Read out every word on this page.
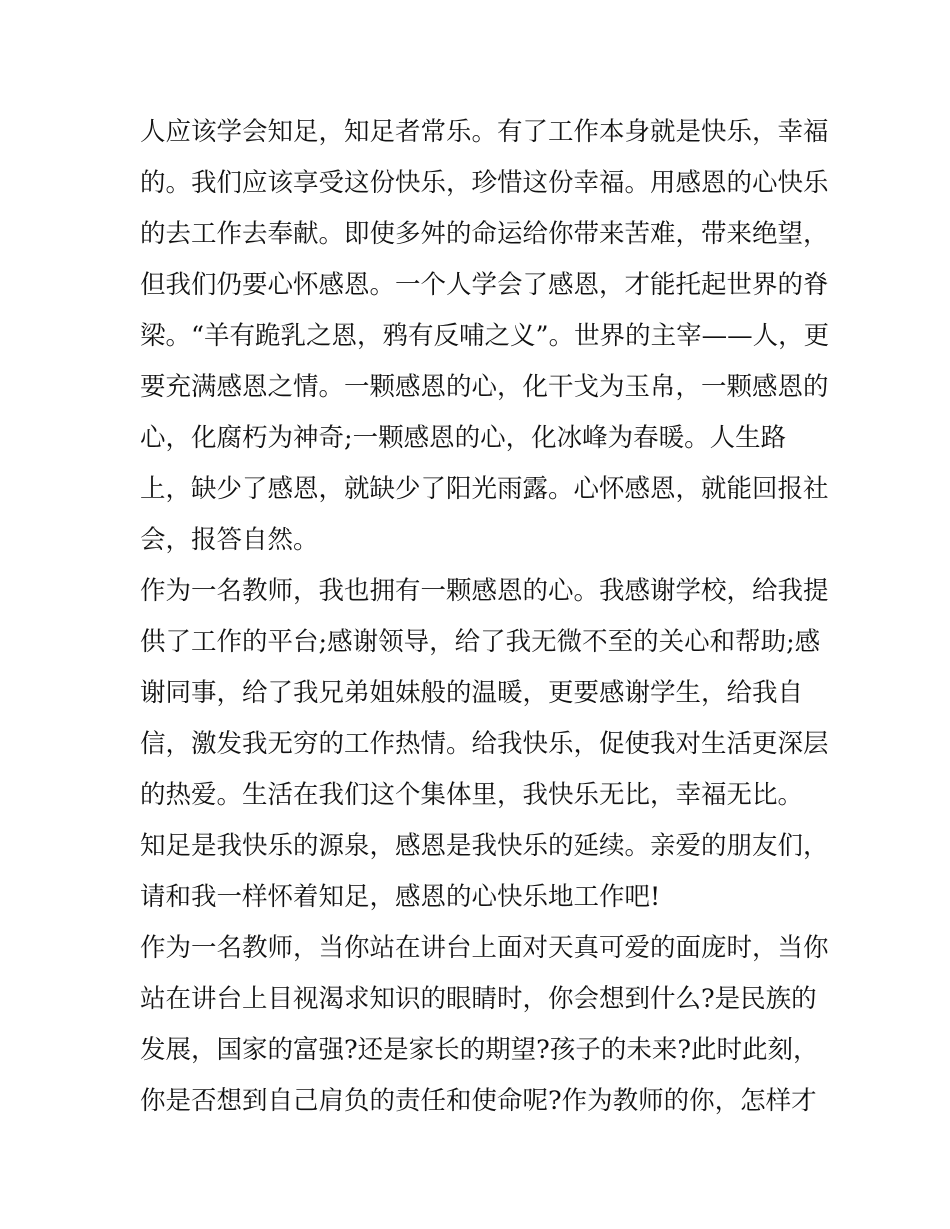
人应该学会知足，知足者常乐。有了工作本身就是快乐，幸福
的。我们应该享受这份快乐，珍惜这份幸福。用感恩的心快乐
的去工作去奉献。即使多舛的命运给你带来苦难，带来绝望，
但我们仍要心怀感恩。一个人学会了感恩，才能托起世界的脊
梁。“羊有跪乳之恩，鸦有反哺之义”。世界的主宰——人，更
要充满感恩之情。一颗感恩的心，化干戈为玉帛，一颗感恩的
心，化腐朽为神奇;一颗感恩的心，化冰峰为春暖。人生路
上，缺少了感恩，就缺少了阳光雨露。心怀感恩，就能回报社
会，报答自然。
作为一名教师，我也拥有一颗感恩的心。我感谢学校，给我提
供了工作的平台;感谢领导，给了我无微不至的关心和帮助;感
谢同事，给了我兄弟姐妹般的温暖，更要感谢学生，给我自
信，激发我无穷的工作热情。给我快乐，促使我对生活更深层
的热爱。生活在我们这个集体里，我快乐无比，幸福无比。
知足是我快乐的源泉，感恩是我快乐的延续。亲爱的朋友们，
请和我一样怀着知足，感恩的心快乐地工作吧!
作为一名教师，当你站在讲台上面对天真可爱的面庞时，当你
站在讲台上目视渴求知识的眼睛时，你会想到什么?是民族的
发展，国家的富强?还是家长的期望?孩子的未来?此时此刻，
你是否想到自己肩负的责任和使命呢?作为教师的你，怎样才
